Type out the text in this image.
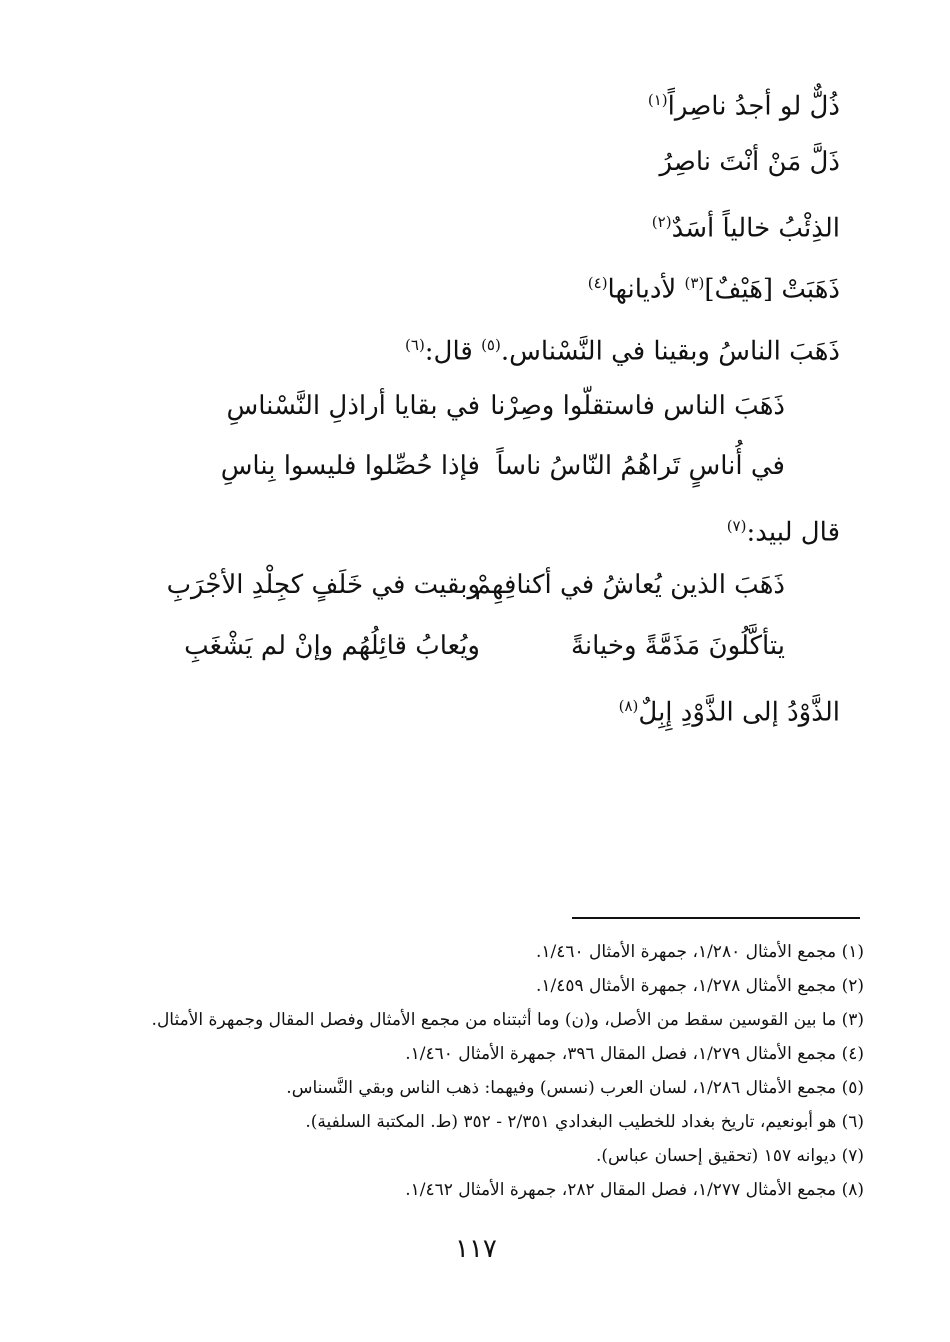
ذُلٌّ لو أجدُ ناصِراً$^{(١)}$
ذَلَّ مَنْ أنْتَ ناصِرُ
الذِئْبُ خالياً أسَدٌ$^{(٢)}$
ذَهَبَتْ [هَيْفٌ]$^{(٣)}$ لأديانها$^{(٤)}$
ذَهَبَ الناسُ وبقينا في النَّسْناس.$^{(٥)}$ قال:$^{(٦)}$
ذَهَبَ الناس فاستقلّوا وصِرْنا
في بقايا أراذلِ النَّسْناسِ
في أُناسٍ تَراهُمُ النّاسُ ناساً
فإذا حُصِّلوا فليسوا بِناسِ
قال لبيد:$^{(٧)}$
ذَهَبَ الذين يُعاشُ في أكنافِهِمْ
وبقيت في خَلَفٍ كجِلْدِ الأجْرَبِ
يتأكَّلُونَ مَذَمَّةً وخيانةً
ويُعابُ قائِلُهُم وإنْ لم يَشْغَبِ
الذَّوْدُ إلى الذَّوْدِ إِبِلٌ$^{(٨)}$
(١) مجمع الأمثال ١/٢٨٠، جمهرة الأمثال ١/٤٦٠.
(٢) مجمع الأمثال ١/٢٧٨، جمهرة الأمثال ١/٤٥٩.
(٣) ما بين القوسين سقط من الأصل، و(ن) وما أثبتناه من مجمع الأمثال وفصل المقال وجمهرة الأمثال.
(٤) مجمع الأمثال ١/٢٧٩، فصل المقال ٣٩٦، جمهرة الأمثال ١/٤٦٠.
(٥) مجمع الأمثال ١/٢٨٦، لسان العرب (نسس) وفيهما: ذهب الناس وبقي النَّسناس.
(٦) هو أبونعيم، تاريخ بغداد للخطيب البغدادي ٢/٣٥١ - ٣٥٢ (ط. المكتبة السلفية).
(٧) ديوانه ١٥٧ (تحقيق إحسان عباس).
(٨) مجمع الأمثال ١/٢٧٧، فصل المقال ٢٨٢، جمهرة الأمثال ١/٤٦٢.
١١٧
